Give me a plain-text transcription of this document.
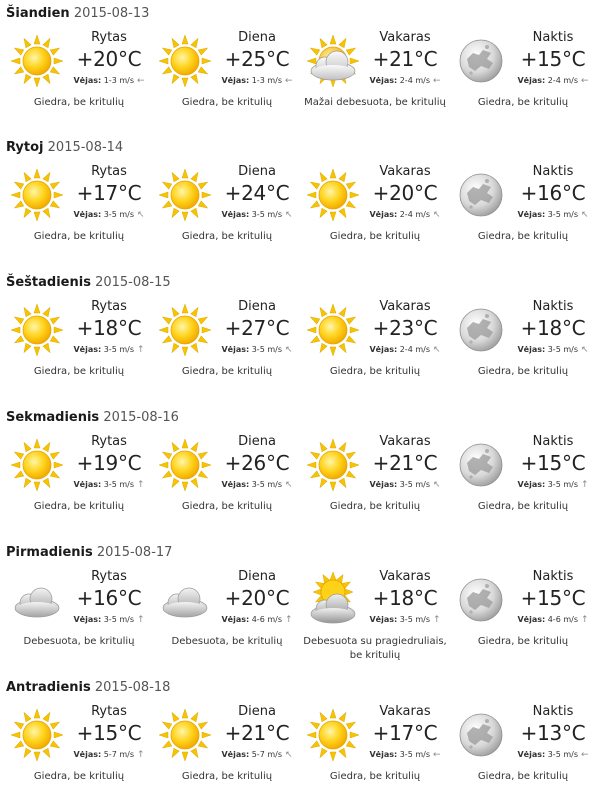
Šiandien 2015-08-13
Rytas
+20°C
Vėjas: 1-3 m/s ←
Giedra, be kritulių
Diena
+25°C
Vėjas: 1-3 m/s ←
Giedra, be kritulių
Vakaras
+21°C
Vėjas: 2-4 m/s ←
Mažai debesuota, be kritulių
Naktis
+15°C
Vėjas: 2-4 m/s ←
Giedra, be kritulių
Rytoj 2015-08-14
Rytas
+17°C
Vėjas: 3-5 m/s ↖
Giedra, be kritulių
Diena
+24°C
Vėjas: 3-5 m/s ↖
Giedra, be kritulių
Vakaras
+20°C
Vėjas: 2-4 m/s ↖
Giedra, be kritulių
Naktis
+16°C
Vėjas: 3-5 m/s ↖
Giedra, be kritulių
Šeštadienis 2015-08-15
Rytas
+18°C
Vėjas: 3-5 m/s ↑
Giedra, be kritulių
Diena
+27°C
Vėjas: 3-5 m/s ↖
Giedra, be kritulių
Vakaras
+23°C
Vėjas: 2-4 m/s ↖
Giedra, be kritulių
Naktis
+18°C
Vėjas: 3-5 m/s ↖
Giedra, be kritulių
Sekmadienis 2015-08-16
Rytas
+19°C
Vėjas: 3-5 m/s ↑
Giedra, be kritulių
Diena
+26°C
Vėjas: 3-5 m/s ↖
Giedra, be kritulių
Vakaras
+21°C
Vėjas: 3-5 m/s ↖
Giedra, be kritulių
Naktis
+15°C
Vėjas: 3-5 m/s ↑
Giedra, be kritulių
Pirmadienis 2015-08-17
Rytas
+16°C
Vėjas: 3-5 m/s ↑
Debesuota, be kritulių
Diena
+20°C
Vėjas: 4-6 m/s ↑
Debesuota, be kritulių
Vakaras
+18°C
Vėjas: 3-5 m/s ↑
Debesuota su pragiedruliais, be kritulių
Naktis
+15°C
Vėjas: 4-6 m/s ↑
Giedra, be kritulių
Antradienis 2015-08-18
Rytas
+15°C
Vėjas: 5-7 m/s ↑
Giedra, be kritulių
Diena
+21°C
Vėjas: 5-7 m/s ↖
Giedra, be kritulių
Vakaras
+17°C
Vėjas: 3-5 m/s ←
Giedra, be kritulių
Naktis
+13°C
Vėjas: 3-5 m/s ←
Giedra, be kritulių
